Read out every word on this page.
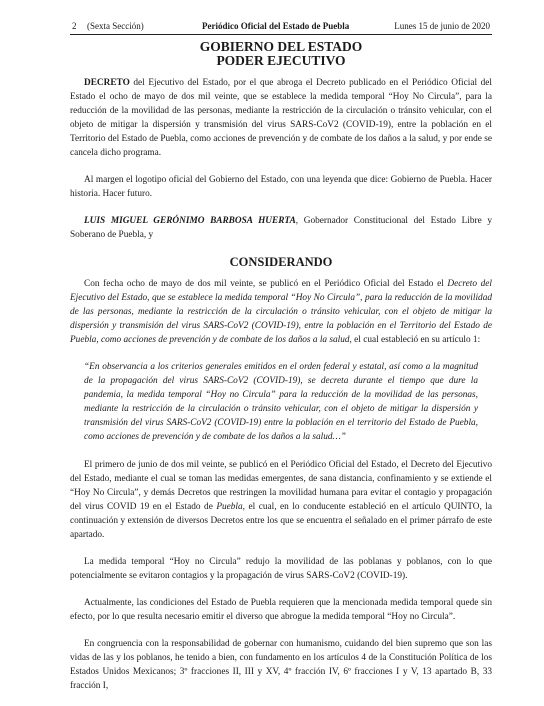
2 (Sexta Sección)	Periódico Oficial del Estado de Puebla	Lunes 15 de junio de 2020
GOBIERNO DEL ESTADO
PODER EJECUTIVO

DECRETO del Ejecutivo del Estado, por el que abroga el Decreto publicado en el Periódico Oficial del Estado el ocho de mayo de dos mil veinte, que se establece la medida temporal “Hoy No Circula”, para la reducción de la movilidad de las personas, mediante la restricción de la circulación o tránsito vehicular, con el objeto de mitigar la dispersión y transmisión del virus SARS-CoV2 (COVID-19), entre la población en el Territorio del Estado de Puebla, como acciones de prevención y de combate de los daños a la salud, y por ende se cancela dicho programa.

Al margen el logotipo oficial del Gobierno del Estado, con una leyenda que dice: Gobierno de Puebla. Hacer historia. Hacer futuro.

LUIS MIGUEL GERÓNIMO BARBOSA HUERTA, Gobernador Constitucional del Estado Libre y Soberano de Puebla, y

CONSIDERANDO

Con fecha ocho de mayo de dos mil veinte, se publicó en el Periódico Oficial del Estado el Decreto del Ejecutivo del Estado, que se establece la medida temporal “Hoy No Circula”, para la reducción de la movilidad de las personas, mediante la restricción de la circulación o tránsito vehicular, con el objeto de mitigar la dispersión y transmisión del virus SARS-CoV2 (COVID-19), entre la población en el Territorio del Estado de Puebla, como acciones de prevención y de combate de los daños a la salud, el cual estableció en su artículo 1:

“En observancia a los criterios generales emitidos en el orden federal y estatal, así como a la magnitud de la propagación del virus SARS-CoV2 (COVID-19), se decreta durante el tiempo que dure la pandemia, la medida temporal “Hoy no Circula” para la reducción de la movilidad de las personas, mediante la restricción de la circulación o tránsito vehicular, con el objeto de mitigar la dispersión y transmisión del virus SARS-CoV2 (COVID-19) entre la población en el territorio del Estado de Puebla, como acciones de prevención y de combate de los daños a la salud…”

El primero de junio de dos mil veinte, se publicó en el Periódico Oficial del Estado, el Decreto del Ejecutivo del Estado, mediante el cual se toman las medidas emergentes, de sana distancia, confinamiento y se extiende el “Hoy No Circula”, y demás Decretos que restringen la movilidad humana para evitar el contagio y propagación del virus COVID 19 en el Estado de Puebla, el cual, en lo conducente estableció en el artículo QUINTO, la continuación y extensión de diversos Decretos entre los que se encuentra el señalado en el primer párrafo de este apartado.

La medida temporal “Hoy no Circula” redujo la movilidad de las poblanas y poblanos, con lo que potencialmente se evitaron contagios y la propagación de virus SARS-CoV2 (COVID-19).

Actualmente, las condiciones del Estado de Puebla requieren que la mencionada medida temporal quede sin efecto, por lo que resulta necesario emitir el diverso que abrogue la medida temporal “Hoy no Circula”.

En congruencia con la responsabilidad de gobernar con humanismo, cuidando del bien supremo que son las vidas de las y los poblanos, he tenido a bien, con fundamento en los artículos 4 de la Constitución Política de los Estados Unidos Mexicanos; 3º fracciones II, III y XV, 4º fracción IV, 6º fracciones I y V, 13 apartado B, 33 fracción I,
